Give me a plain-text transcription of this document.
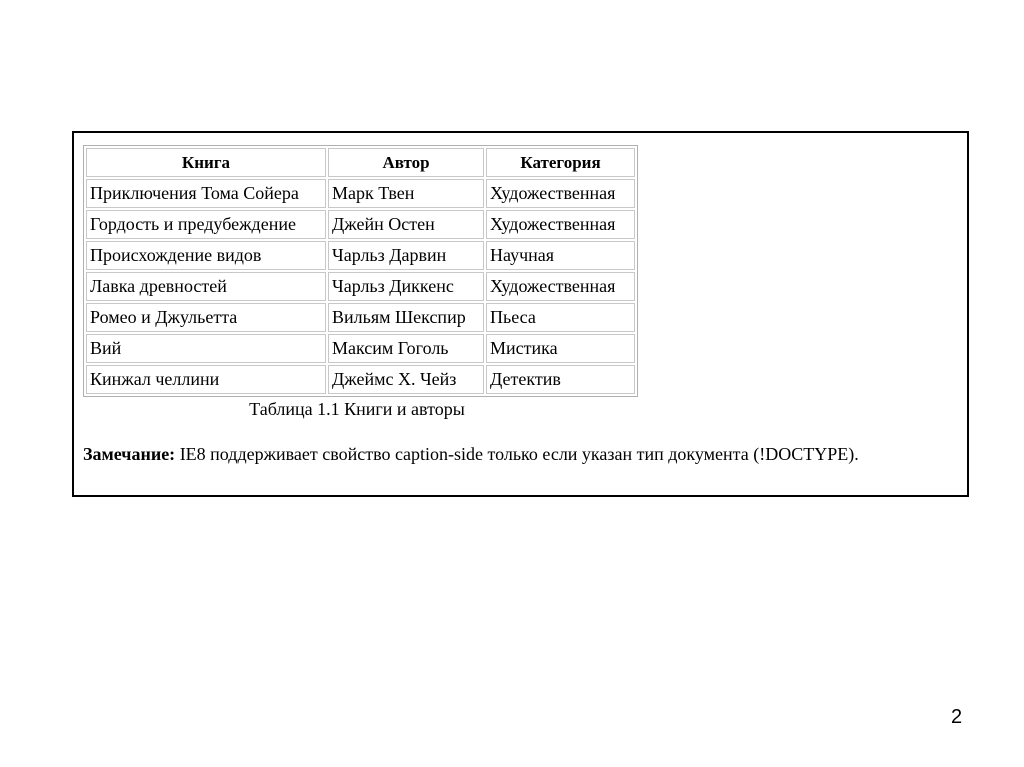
Книга	Автор	Категория
Приключения Тома Сойера	Марк Твен	Художественная
Гордость и предубеждение	Джейн Остен	Художественная
Происхождение видов	Чарльз Дарвин	Научная
Лавка древностей	Чарльз Диккенс	Художественная
Ромео и Джульетта	Вильям Шекспир	Пьеса
Вий	Максим Гоголь	Мистика
Кинжал челлини	Джеймс Х. Чейз	Детектив
Таблица 1.1 Книги и авторы
Замечание: IE8 поддерживает свойство caption-side только если указан тип документа (!DOCTYPE).
2
